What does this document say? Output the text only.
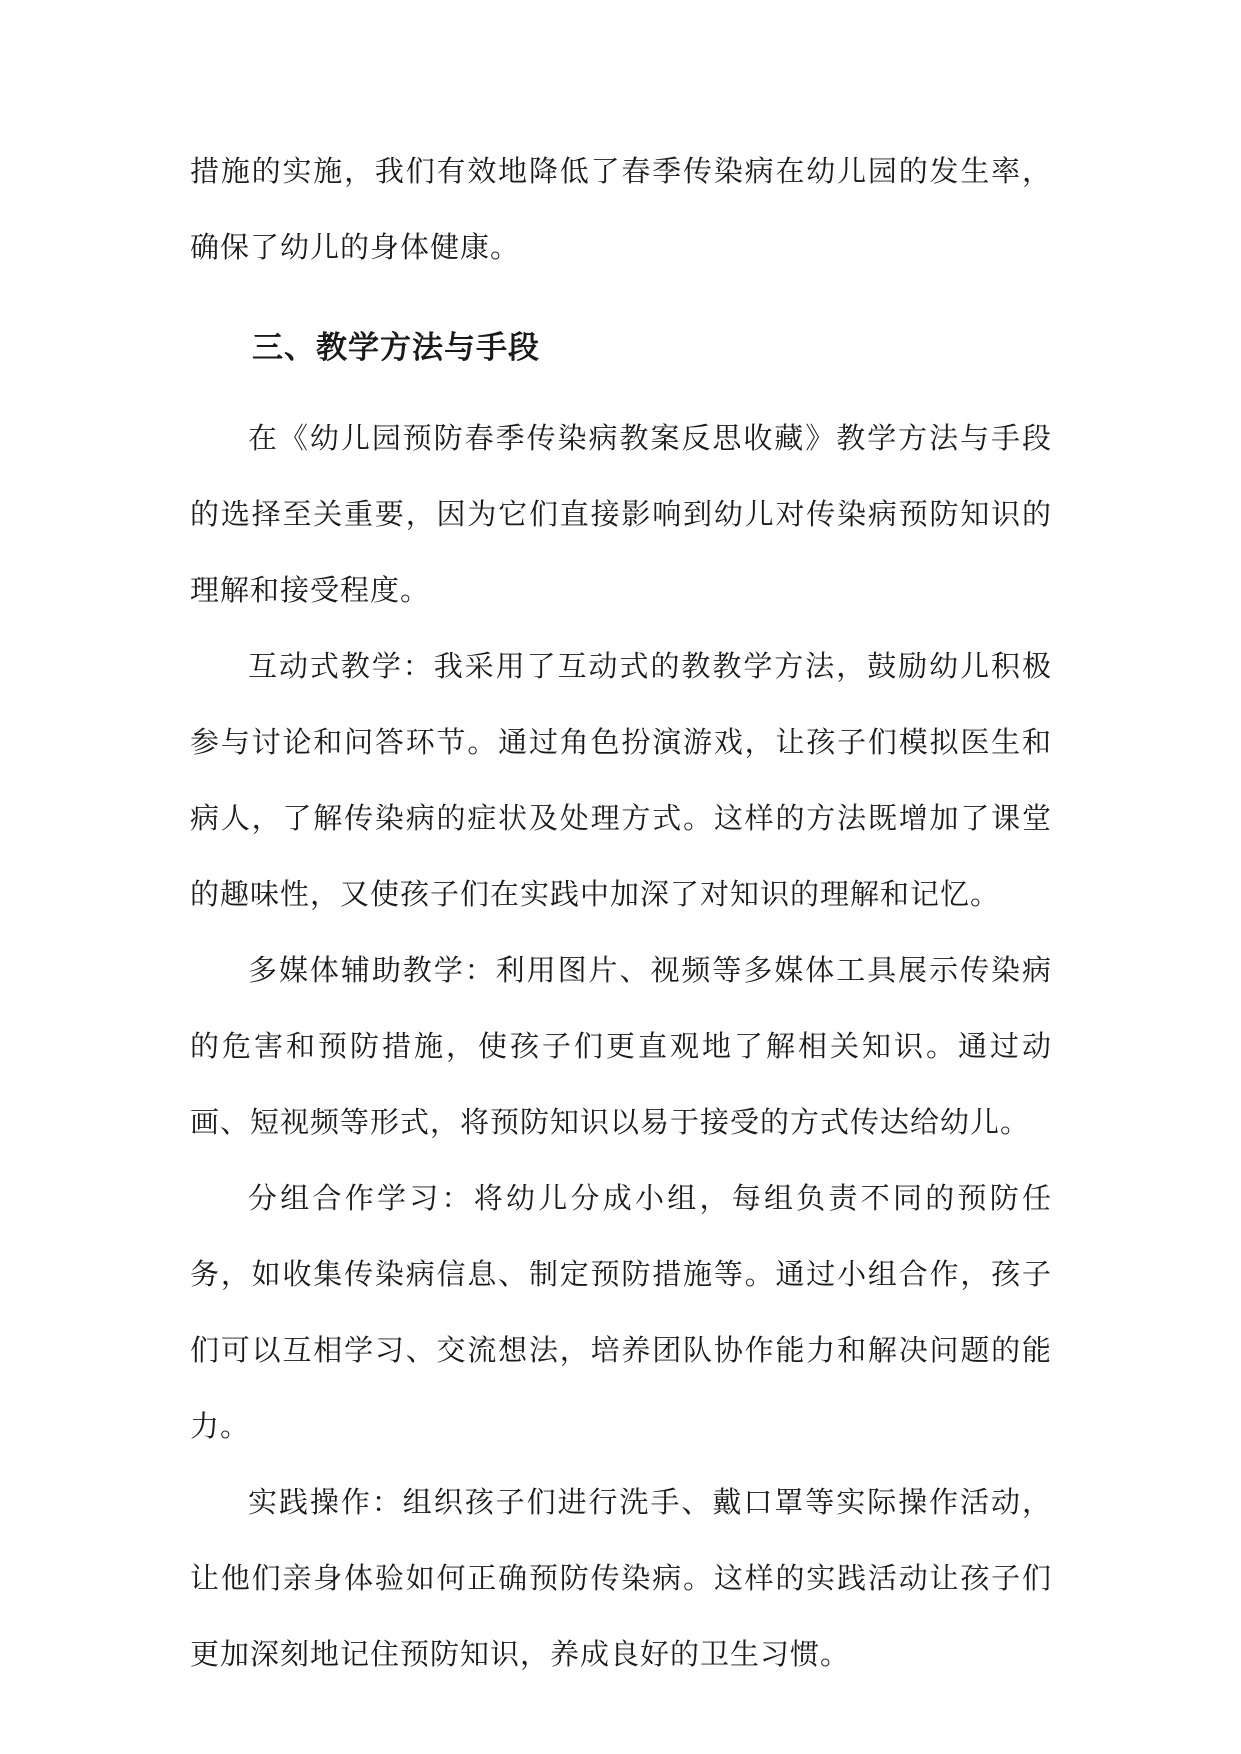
措施的实施，我们有效地降低了春季传染病在幼儿园的发生率，确保了幼儿的身体健康。

三、教学方法与手段

在《幼儿园预防春季传染病教案反思收藏》教学方法与手段的选择至关重要，因为它们直接影响到幼儿对传染病预防知识的理解和接受程度。

互动式教学：我采用了互动式的教教学方法，鼓励幼儿积极参与讨论和问答环节。通过角色扮演游戏，让孩子们模拟医生和病人，了解传染病的症状及处理方式。这样的方法既增加了课堂的趣味性，又使孩子们在实践中加深了对知识的理解和记忆。

多媒体辅助教学：利用图片、视频等多媒体工具展示传染病的危害和预防措施，使孩子们更直观地了解相关知识。通过动画、短视频等形式，将预防知识以易于接受的方式传达给幼儿。

分组合作学习：将幼儿分成小组，每组负责不同的预防任务，如收集传染病信息、制定预防措施等。通过小组合作，孩子们可以互相学习、交流想法，培养团队协作能力和解决问题的能力。

实践操作：组织孩子们进行洗手、戴口罩等实际操作活动，让他们亲身体验如何正确预防传染病。这样的实践活动让孩子们更加深刻地记住预防知识，养成良好的卫生习惯。
